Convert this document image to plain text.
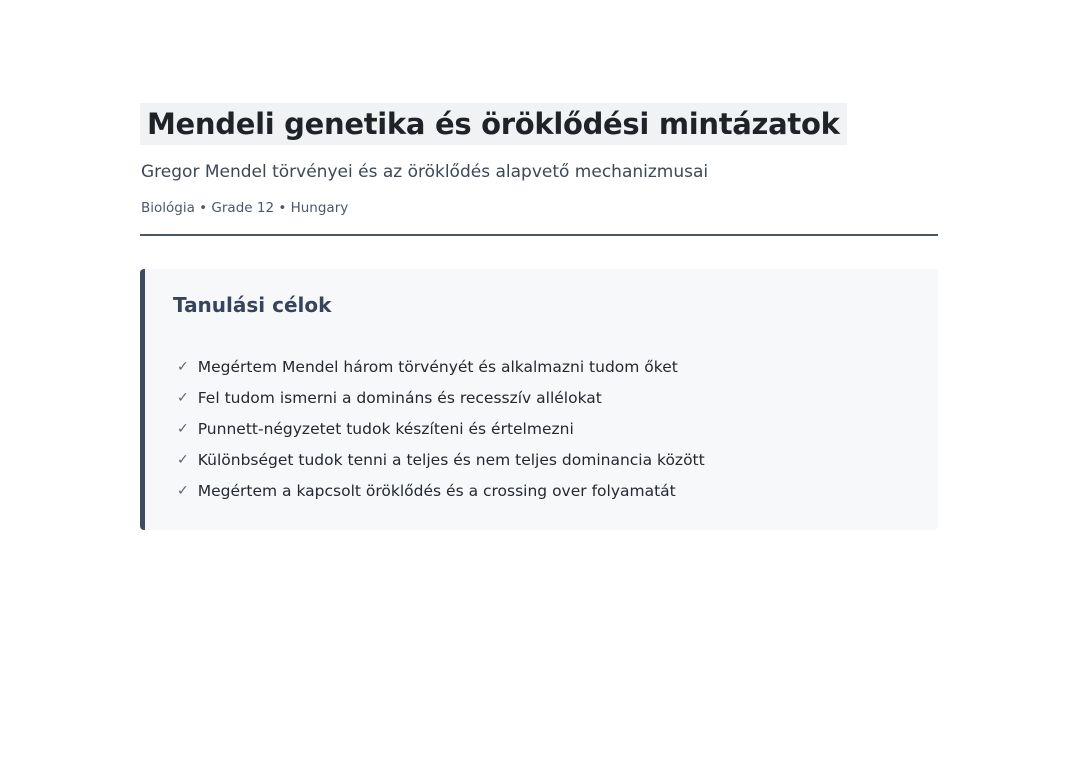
Mendeli genetika és öröklődési mintázatok

Gregor Mendel törvényei és az öröklődés alapvető mechanizmusai

Biológia • Grade 12 • Hungary

Tanulási célok
✓ Megértem Mendel három törvényét és alkalmazni tudom őket
✓ Fel tudom ismerni a domináns és recesszív allélokat
✓ Punnett-négyzetet tudok készíteni és értelmezni
✓ Különbséget tudok tenni a teljes és nem teljes dominancia között
✓ Megértem a kapcsolt öröklődés és a crossing over folyamatát
